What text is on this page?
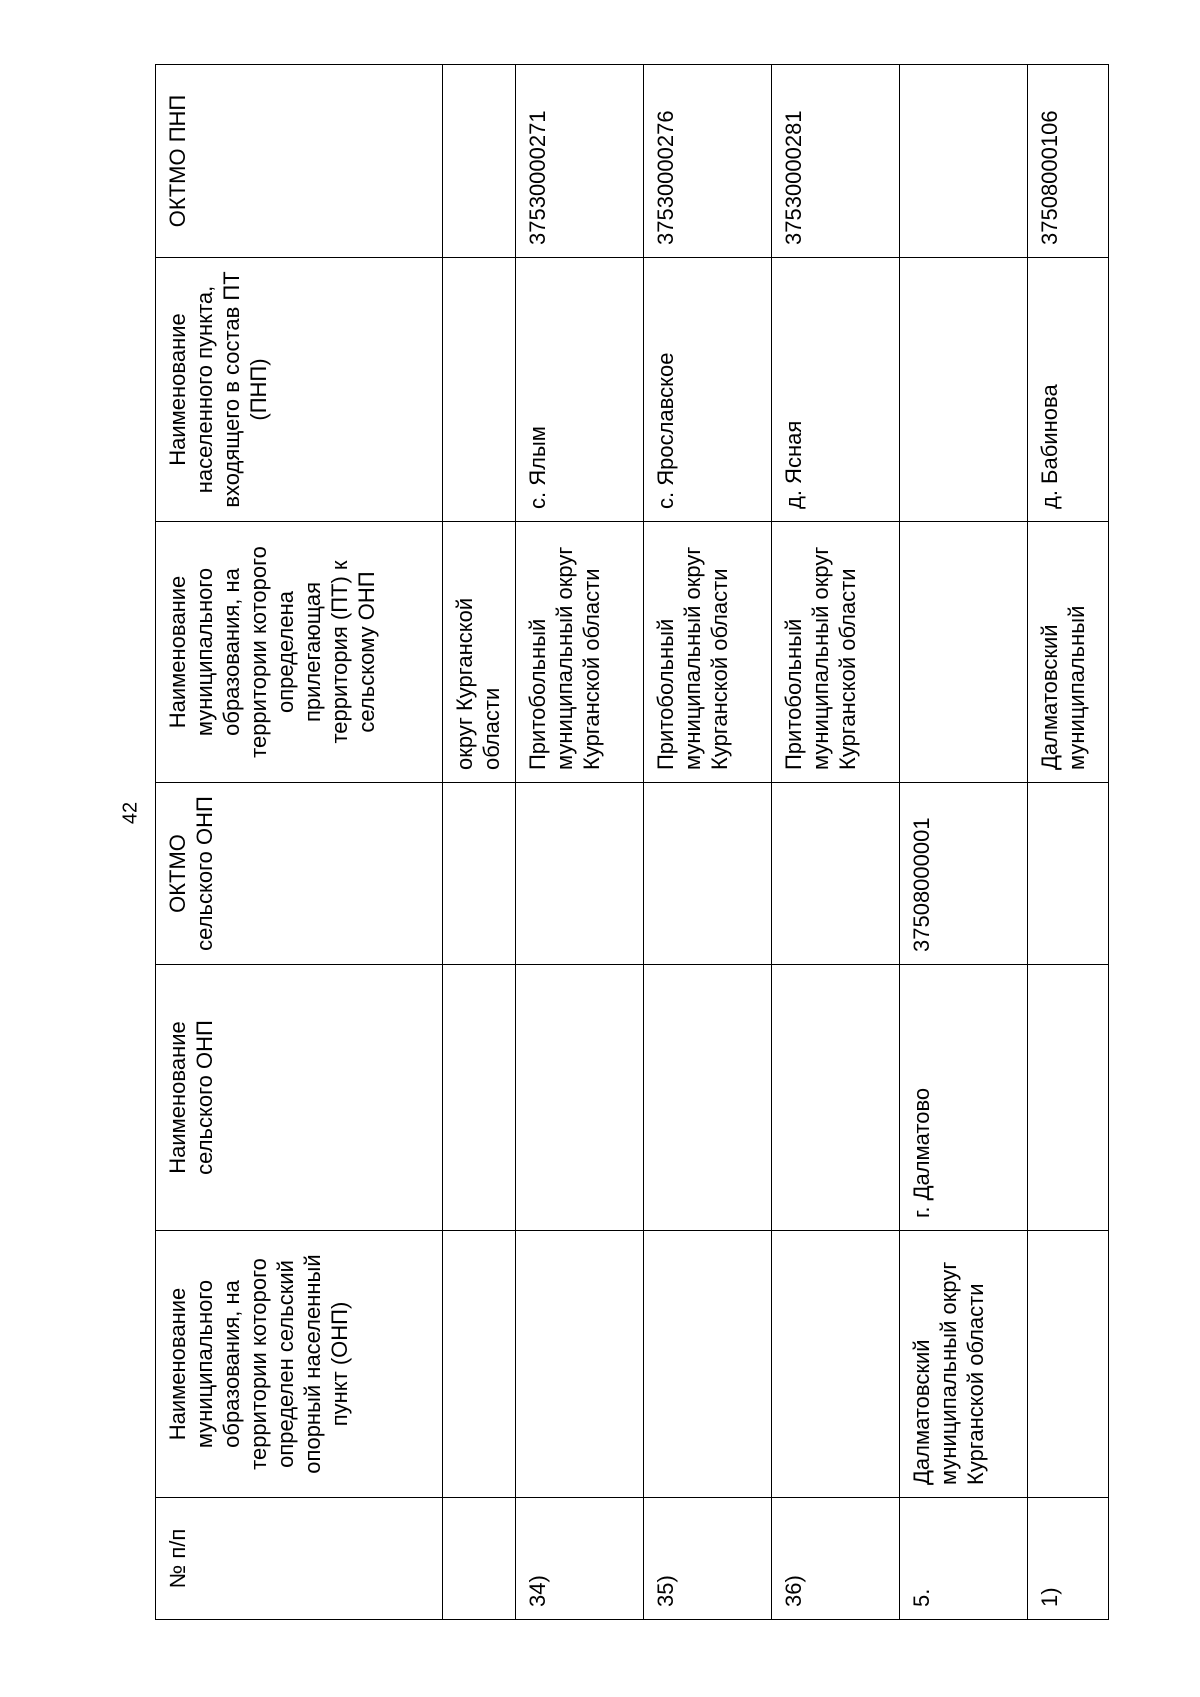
42
№ п/п	Наименование муниципального образования, на территории которого определен сельский опорный населенный пункт (ОНП)	Наименование сельского ОНП	ОКТМО сельского ОНП	Наименование муниципального образования, на территории которого определена прилегающая территория (ПТ) к сельскому ОНП	Наименование населенного пункта, входящего в состав ПТ (ПНП)	ОКТМО ПНП
				округ Курганской области		
34)				Притобольный муниципальный округ Курганской области	с. Ялым	37530000271
35)				Притобольный муниципальный округ Курганской области	с. Ярославское	37530000276
36)				Притобольный муниципальный округ Курганской области	д. Ясная	37530000281
5.	Далматовский муниципальный округ Курганской области	г. Далматово	37508000001			
1)				Далматовский муниципальный	д. Бабинова	37508000106
